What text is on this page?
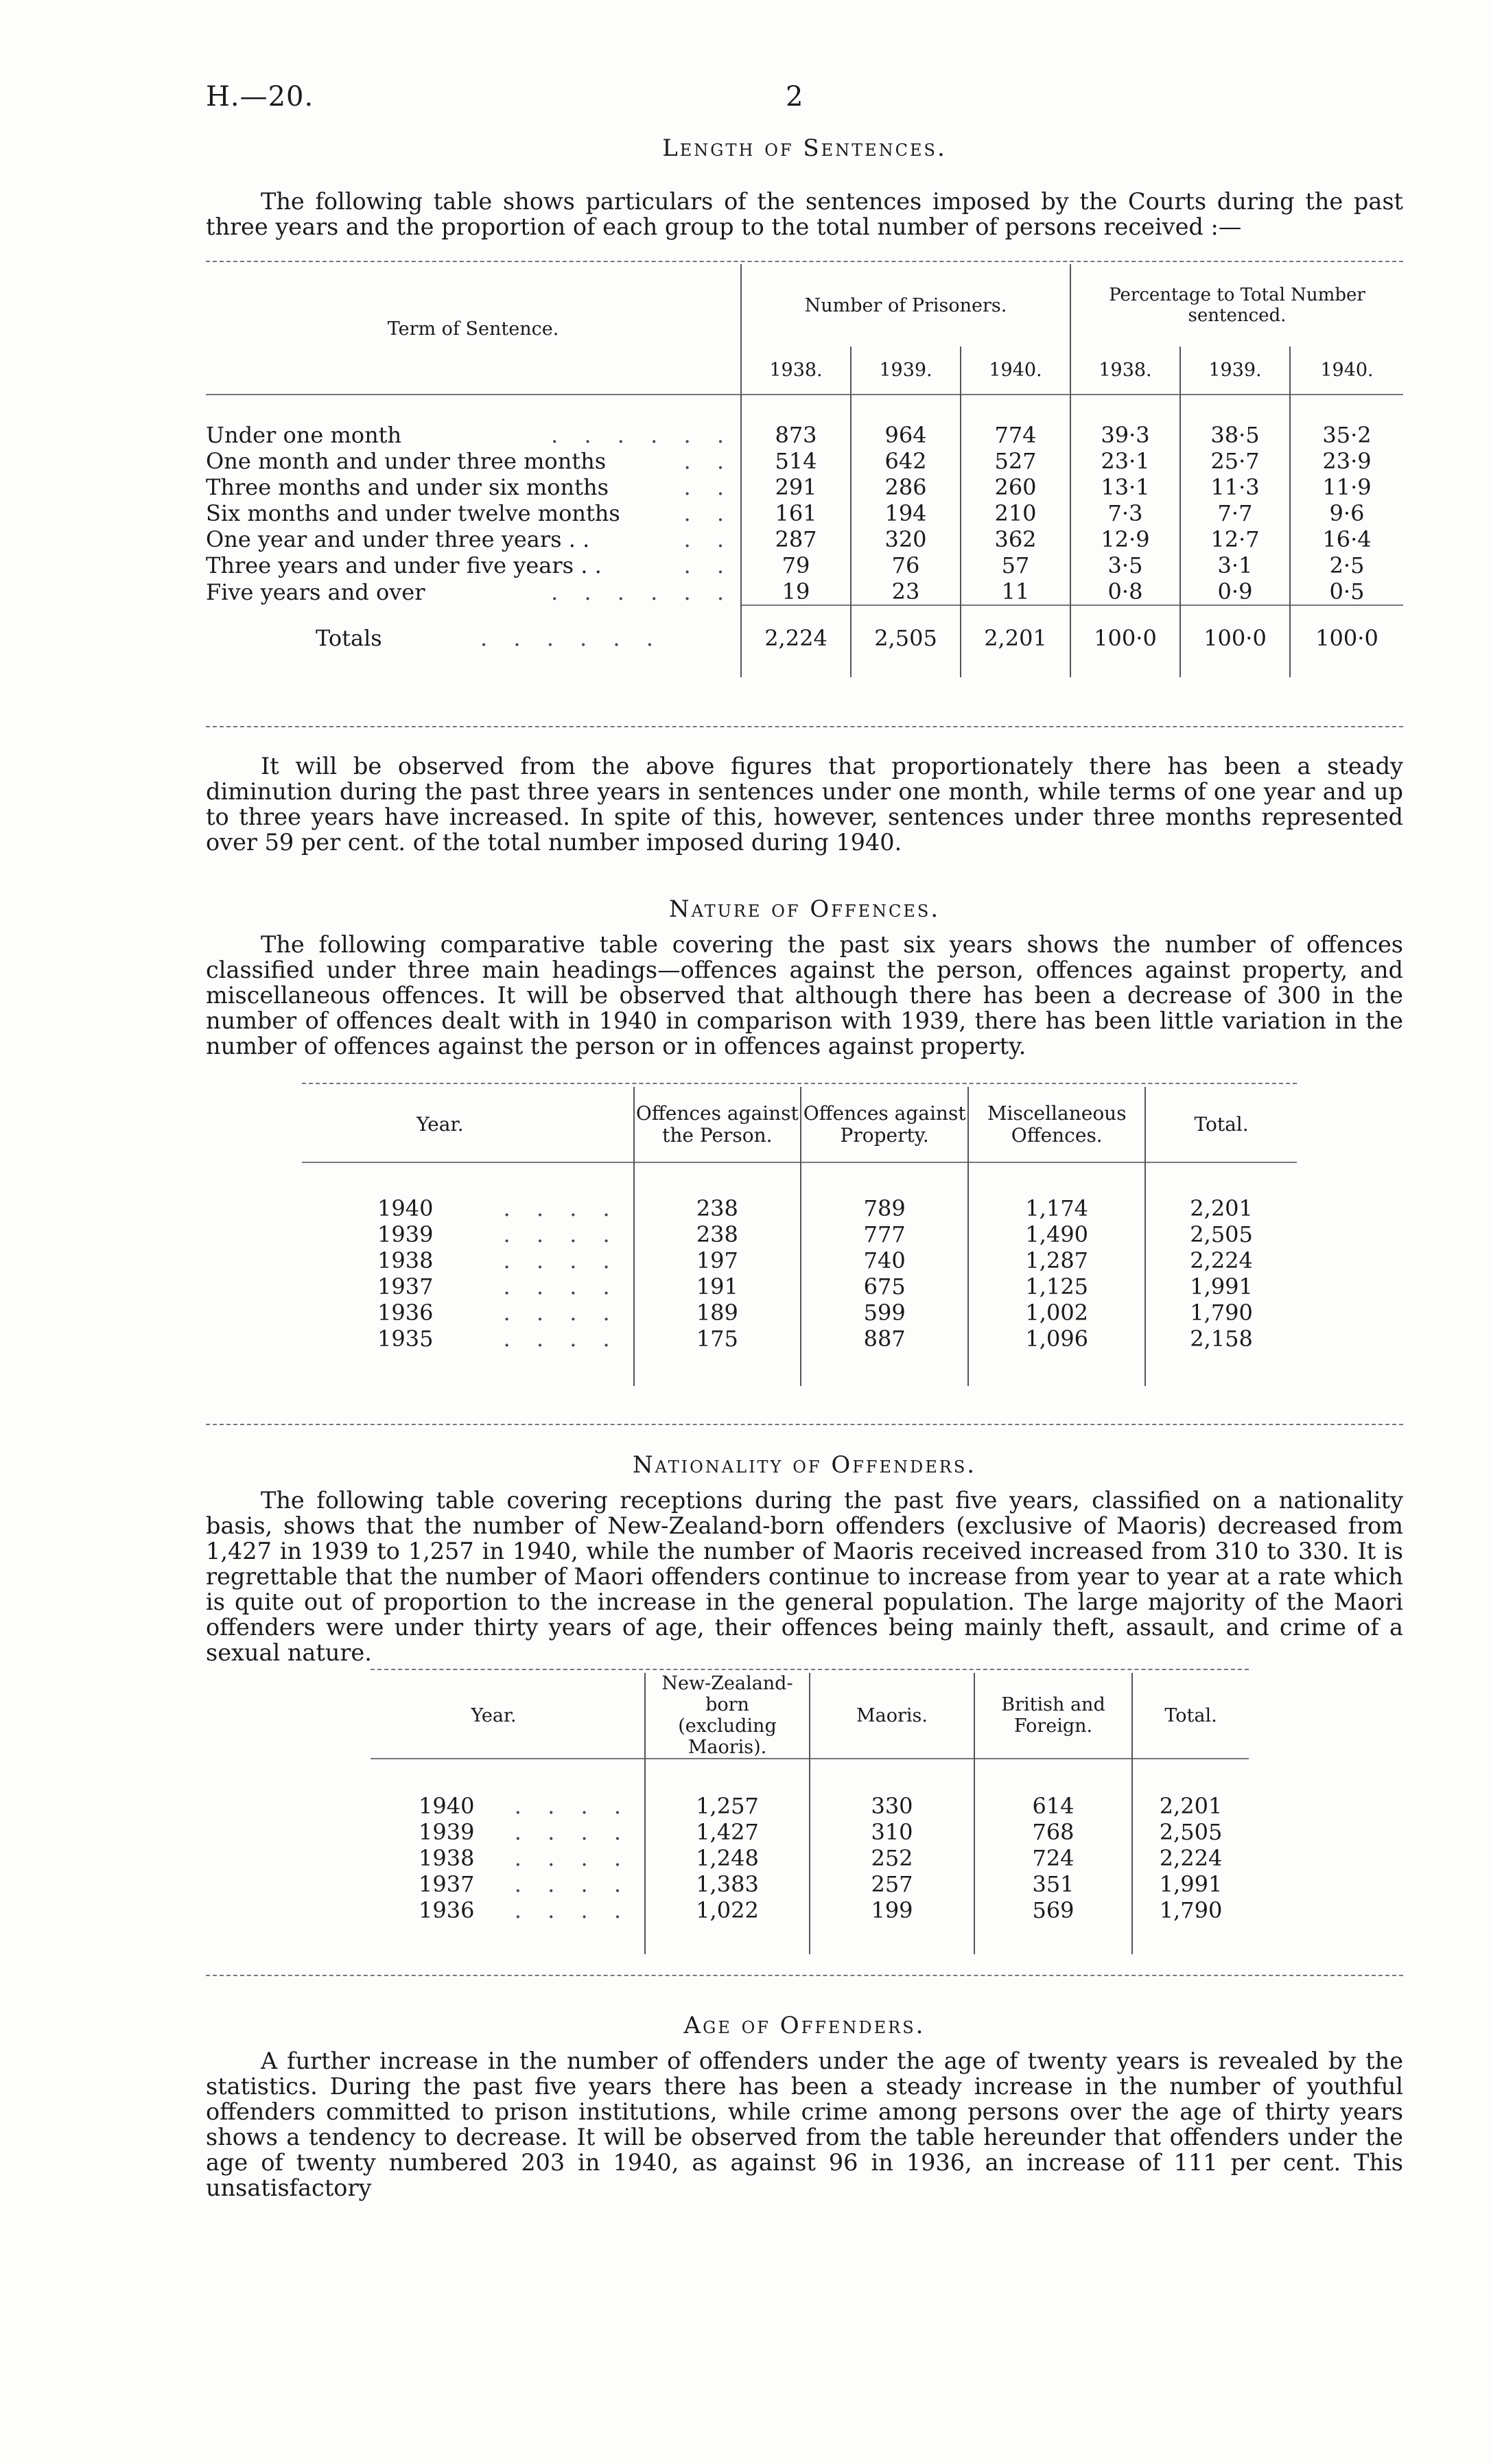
H.—20.	2
Length of Sentences.

The following table shows particulars of the sentences imposed by the Courts during the past three years and the proportion of each group to the total number of persons received :—

Term of Sentence.	Number of Prisoners.			Percentage to Total Number sentenced.		
	1938.	1939.	1940.	1938.	1939.	1940.

Under one month . . . . . .	873	964	774	39·3	38·5	35·2
One month and under three months . .	514	642	527	23·1	25·7	23·9
Three months and under six months . .	291	286	260	13·1	11·3	11·9
Six months and under twelve months . .	161	194	210	7·3	7·7	9·6
One year and under three years . . . .	287	320	362	12·9	12·7	16·4
Three years and under five years . . . .	79	76	57	3·5	3·1	2·5
Five years and over . . . . . .	19	23	11	0·8	0·9	0·5

Totals . . . . . .	2,224	2,505	2,201	100·0	100·0	100·0

It will be observed from the above figures that proportionately there has been a steady diminution during the past three years in sentences under one month, while terms of one year and up to three years have increased. In spite of this, however, sentences under three months represented over 59 per cent. of the total number imposed during 1940.

Nature of Offences.

The following comparative table covering the past six years shows the number of offences classified under three main headings—offences against the person, offences against property, and miscellaneous offences. It will be observed that although there has been a decrease of 300 in the number of offences dealt with in 1940 in comparison with 1939, there has been little variation in the number of offences against the person or in offences against property.

Year.	Offences against the Person.	Offences against Property.	Miscellaneous Offences.	Total.

1940 . . . .	238	789	1,174	2,201
1939 . . . .	238	777	1,490	2,505
1938 . . . .	197	740	1,287	2,224
1937 . . . .	191	675	1,125	1,991
1936 . . . .	189	599	1,002	1,790
1935 . . . .	175	887	1,096	2,158

Nationality of Offenders.

The following table covering receptions during the past five years, classified on a nationality basis, shows that the number of New-Zealand-born offenders (exclusive of Maoris) decreased from 1,427 in 1939 to 1,257 in 1940, while the number of Maoris received increased from 310 to 330. It is regrettable that the number of Maori offenders continue to increase from year to year at a rate which is quite out of proportion to the increase in the general population. The large majority of the Maori offenders were under thirty years of age, their offences being mainly theft, assault, and crime of a sexual nature.

Year.	New-Zealand-born (excluding Maoris).	Maoris.	British and Foreign.	Total.

1940 . . . .	1,257	330	614	2,201
1939 . . . .	1,427	310	768	2,505
1938 . . . .	1,248	252	724	2,224
1937 . . . .	1,383	257	351	1,991
1936 . . . .	1,022	199	569	1,790

Age of Offenders.

A further increase in the number of offenders under the age of twenty years is revealed by the statistics. During the past five years there has been a steady increase in the number of youthful offenders committed to prison institutions, while crime among persons over the age of thirty years shows a tendency to decrease. It will be observed from the table hereunder that offenders under the age of twenty numbered 203 in 1940, as against 96 in 1936, an increase of 111 per cent. This unsatisfactory
